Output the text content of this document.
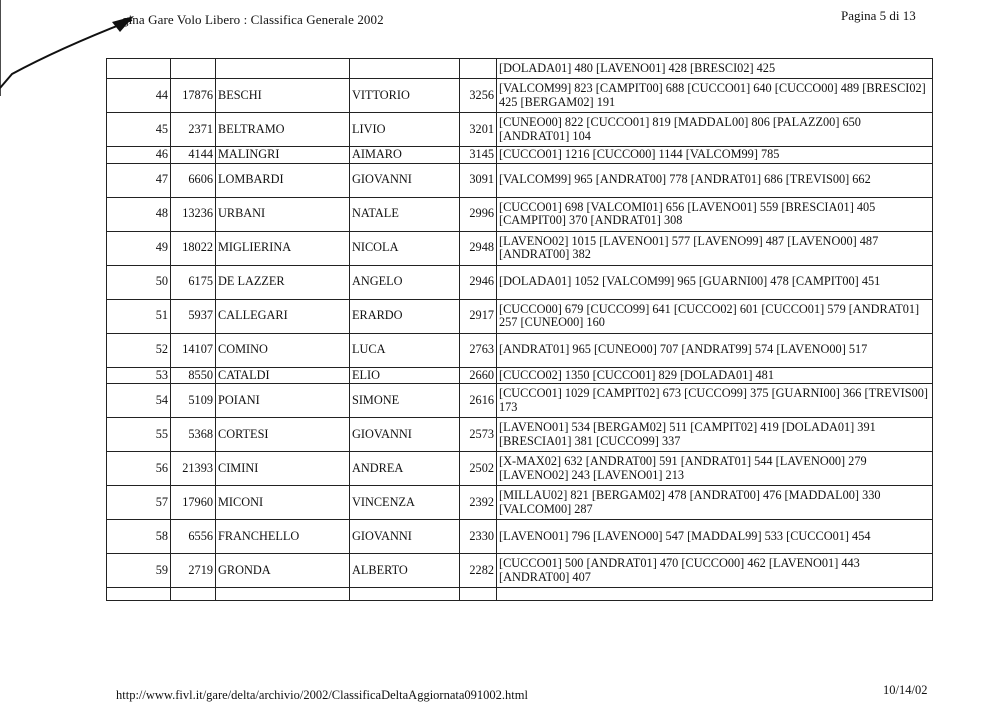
gina Gare Volo Libero : Classifica Generale 2002	Pagina 5 di 13
					[DOLADA01] 480 [LAVENO01] 428 [BRESCI02] 425
44	17876	BESCHI	VITTORIO	3256	[VALCOM99] 823 [CAMPIT00] 688 [CUCCO01] 640 [CUCCO00] 489 [BRESCI02] 425 [BERGAM02] 191
45	2371	BELTRAMO	LIVIO	3201	[CUNEO00] 822 [CUCCO01] 819 [MADDAL00] 806 [PALAZZ00] 650 [ANDRAT01] 104
46	4144	MALINGRI	AIMARO	3145	[CUCCO01] 1216 [CUCCO00] 1144 [VALCOM99] 785
47	6606	LOMBARDI	GIOVANNI	3091	[VALCOM99] 965 [ANDRAT00] 778 [ANDRAT01] 686 [TREVIS00] 662
48	13236	URBANI	NATALE	2996	[CUCCO01] 698 [VALCOMI01] 656 [LAVENO01] 559 [BRESCIA01] 405 [CAMPIT00] 370 [ANDRAT01] 308
49	18022	MIGLIERINA	NICOLA	2948	[LAVENO02] 1015 [LAVENO01] 577 [LAVENO99] 487 [LAVENO00] 487 [ANDRAT00] 382
50	6175	DE LAZZER	ANGELO	2946	[DOLADA01] 1052 [VALCOM99] 965 [GUARNI00] 478 [CAMPIT00] 451
51	5937	CALLEGARI	ERARDO	2917	[CUCCO00] 679 [CUCCO99] 641 [CUCCO02] 601 [CUCCO01] 579 [ANDRAT01] 257 [CUNEO00] 160
52	14107	COMINO	LUCA	2763	[ANDRAT01] 965 [CUNEO00] 707 [ANDRAT99] 574 [LAVENO00] 517
53	8550	CATALDI	ELIO	2660	[CUCCO02] 1350 [CUCCO01] 829 [DOLADA01] 481
54	5109	POIANI	SIMONE	2616	[CUCCO01] 1029 [CAMPIT02] 673 [CUCCO99] 375 [GUARNI00] 366 [TREVIS00] 173
55	5368	CORTESI	GIOVANNI	2573	[LAVENO01] 534 [BERGAM02] 511 [CAMPIT02] 419 [DOLADA01] 391 [BRESCIA01] 381 [CUCCO99] 337
56	21393	CIMINI	ANDREA	2502	[X-MAX02] 632 [ANDRAT00] 591 [ANDRAT01] 544 [LAVENO00] 279 [LAVENO02] 243 [LAVENO01] 213
57	17960	MICONI	VINCENZA	2392	[MILLAU02] 821 [BERGAM02] 478 [ANDRAT00] 476 [MADDAL00] 330 [VALCOM00] 287
58	6556	FRANCHELLO	GIOVANNI	2330	[LAVENO01] 796 [LAVENO00] 547 [MADDAL99] 533 [CUCCO01] 454
59	2719	GRONDA	ALBERTO	2282	[CUCCO01] 500 [ANDRAT01] 470 [CUCCO00] 462 [LAVENO01] 443 [ANDRAT00] 407

http://www.fivl.it/gare/delta/archivio/2002/ClassificaDeltaAggiornata091002.html	10/14/02
